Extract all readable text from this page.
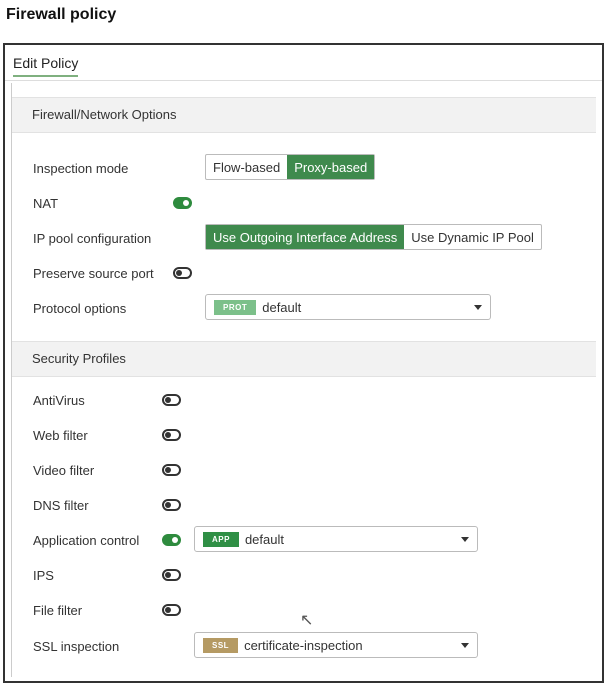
Firewall policy
Edit Policy
Firewall/Network Options
Inspection mode	Flow-based	Proxy-based
NAT
IP pool configuration	Use Outgoing Interface Address	Use Dynamic IP Pool
Preserve source port
Protocol options	PROT	default
Security Profiles
AntiVirus
Web filter
Video filter
DNS filter
Application control	APP	default
IPS
File filter
SSL inspection	SSL	certificate-inspection
↖
